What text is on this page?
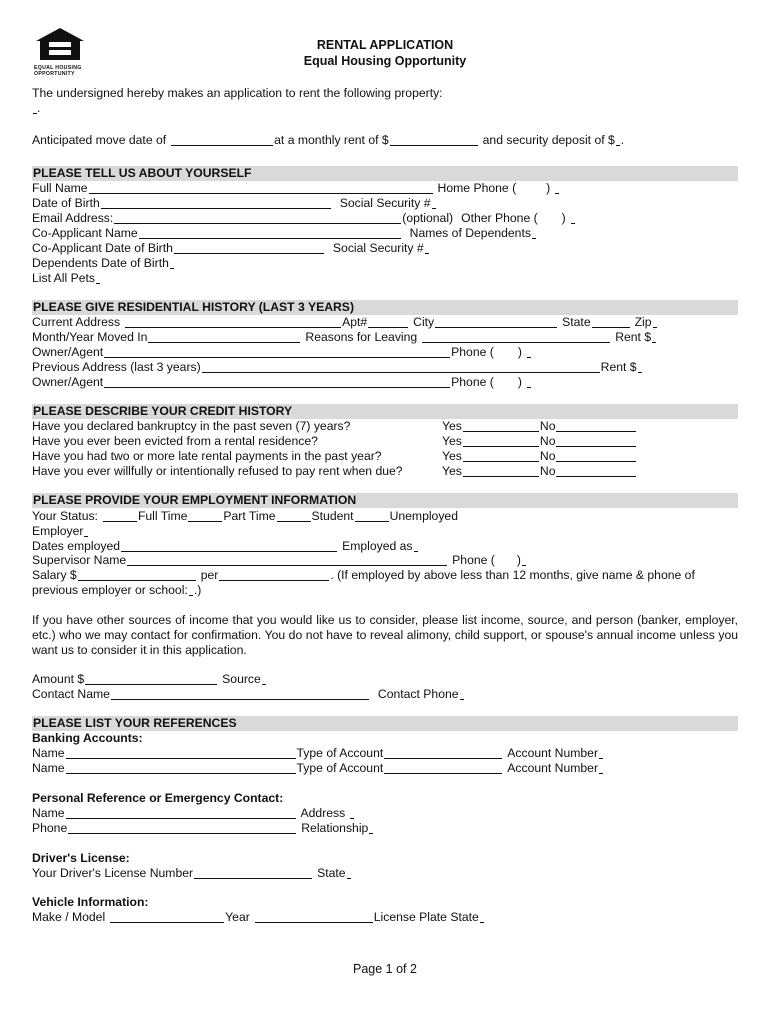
EQUAL HOUSING
OPPORTUNITY
RENTAL APPLICATION
Equal Housing Opportunity
The undersigned hereby makes an application to rent the following property:
.
Anticipated move date of	at a monthly rent of $	and security deposit of $ .
PLEASE TELL US ABOUT YOURSELF
Full Name	Home Phone ( )
Date of Birth	Social Security #
Email Address:	(optional) Other Phone ( )
Co-Applicant Name	Names of Dependents
Co-Applicant Date of Birth	Social Security #
Dependents Date of Birth
List All Pets
PLEASE GIVE RESIDENTIAL HISTORY (LAST 3 YEARS)
Current Address	Apt#	City	State	Zip
Month/Year Moved In	Reasons for Leaving	Rent $
Owner/Agent	Phone ( )
Previous Address (last 3 years)	Rent $
Owner/Agent	Phone ( )
PLEASE DESCRIBE YOUR CREDIT HISTORY
Have you declared bankruptcy in the past seven (7) years?	Yes	No
Have you ever been evicted from a rental residence?	Yes	No
Have you had two or more late rental payments in the past year?	Yes	No
Have you ever willfully or intentionally refused to pay rent when due?	Yes	No
PLEASE PROVIDE YOUR EMPLOYMENT INFORMATION
Your Status:	Full Time	Part Time	Student	Unemployed
Employer
Dates employed	Employed as
Supervisor Name	Phone ( )
Salary $	per	. (If employed by above less than 12 months, give name & phone of
previous employer or school: .)
If you have other sources of income that you would like us to consider, please list income, source, and person (banker, employer, etc.) who we may contact for confirmation. You do not have to reveal alimony, child support, or spouse's annual income unless you want us to consider it in this application.
Amount $	Source
Contact Name	Contact Phone
PLEASE LIST YOUR REFERENCES
Banking Accounts:
Name	Type of Account	Account Number
Name	Type of Account	Account Number
Personal Reference or Emergency Contact:
Name	Address
Phone	Relationship
Driver's License:
Your Driver's License Number	State
Vehicle Information:
Make / Model	Year	License Plate State
Page 1 of 2
